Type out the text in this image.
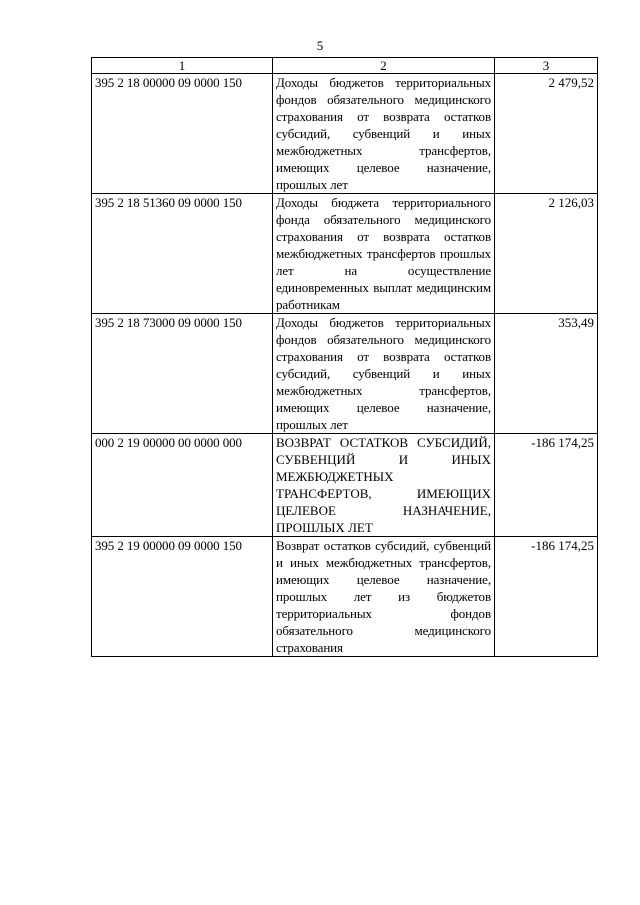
5
1	2	3
395 2 18 00000 09 0000 150	Доходы бюджетов территориальных фондов обязательного медицинского страхования от возврата остатков субсидий, субвенций и иных межбюджетных трансфертов, имеющих целевое назначение, прошлых лет	2 479,52
395 2 18 51360 09 0000 150	Доходы бюджета территориального фонда обязательного медицинского страхования от возврата остатков межбюджетных трансфертов прошлых лет на осуществление единовременных выплат медицинским работникам	2 126,03
395 2 18 73000 09 0000 150	Доходы бюджетов территориальных фондов обязательного медицинского страхования от возврата остатков субсидий, субвенций и иных межбюджетных трансфертов, имеющих целевое назначение, прошлых лет	353,49
000 2 19 00000 00 0000 000	ВОЗВРАТ ОСТАТКОВ СУБСИДИЙ, СУБВЕНЦИЙ И ИНЫХ МЕЖБЮДЖЕТНЫХ ТРАНСФЕРТОВ, ИМЕЮЩИХ ЦЕЛЕВОЕ НАЗНАЧЕНИЕ, ПРОШЛЫХ ЛЕТ	-186 174,25
395 2 19 00000 09 0000 150	Возврат остатков субсидий, субвенций и иных межбюджетных трансфертов, имеющих целевое назначение, прошлых лет из бюджетов территориальных фондов обязательного медицинского страхования	-186 174,25
